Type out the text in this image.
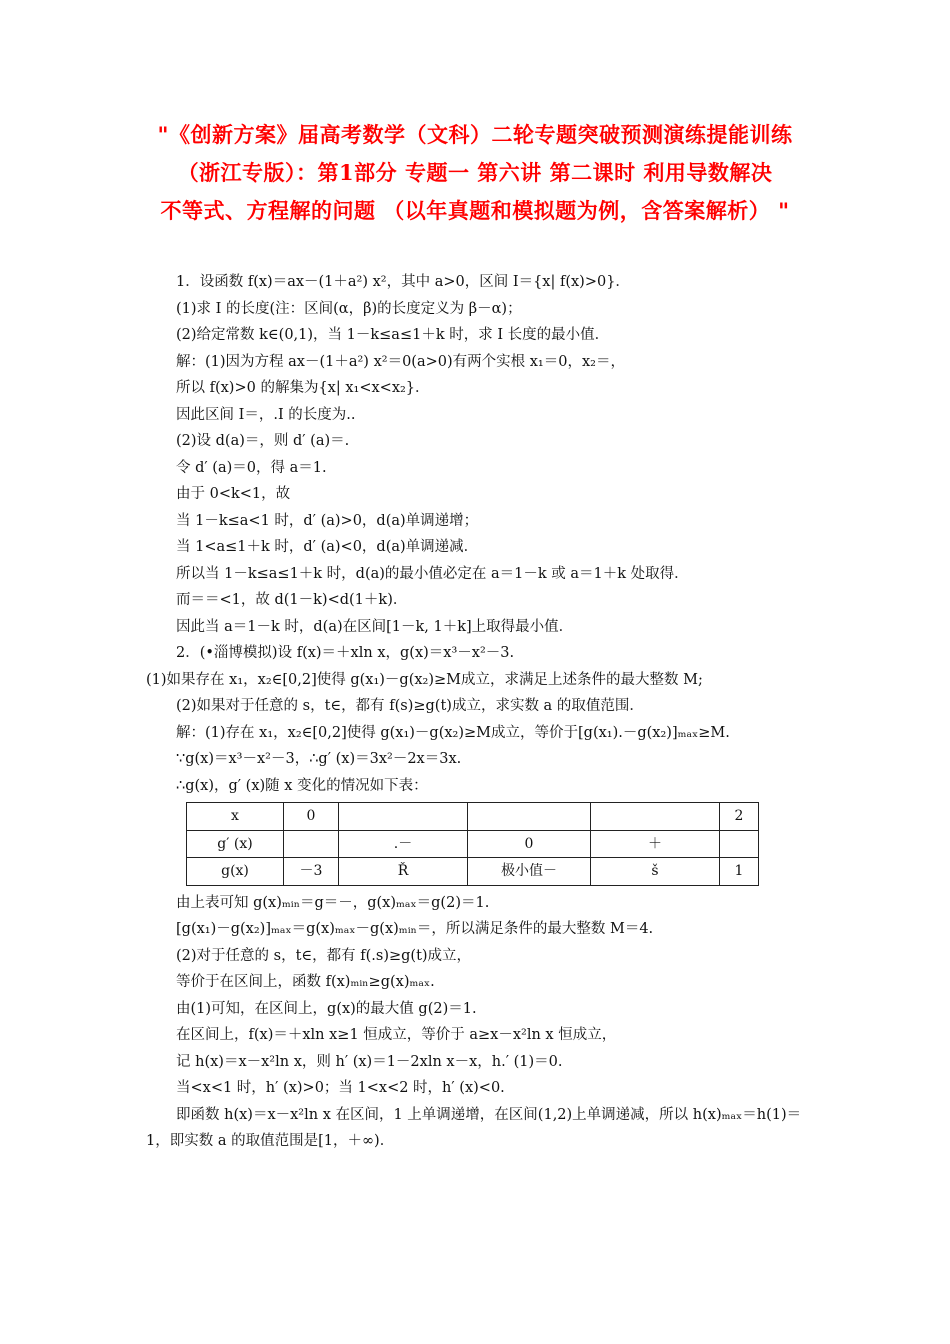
"《创新方案》届高考数学（文科）二轮专题突破预测演练提能训练
（浙江专版）：第1部分 专题一 第六讲 第二课时 利用导数解决
不等式、方程解的问题 （以年真题和模拟题为例，含答案解析） "
1．设函数 f(x)＝ax－(1＋a²) x²，其中 a>0，区间 I＝{x| f(x)>0}．
(1)求 I 的长度(注：区间(α，β)的长度定义为 β－α)；
(2)给定常数 k∈(0,1)，当 1－k≤a≤1＋k 时，求 I 长度的最小值．
解：(1)因为方程 ax－(1＋a²) x²＝0(a>0)有两个实根 x₁＝0，x₂＝，
所以 f(x)>0 的解集为{x| x₁<x<x₂}．
因此区间 I＝，.I 的长度为..
(2)设 d(a)＝，则 d′ (a)＝.
令 d′ (a)＝0，得 a＝1.
由于 0<k<1，故
当 1－k≤a<1 时，d′ (a)>0，d(a)单调递增；
当 1<a≤1＋k 时，d′ (a)<0，d(a)单调递减．
所以当 1－k≤a≤1＋k 时，d(a)的最小值必定在 a＝1－k 或 a＝1＋k 处取得．
而＝＝<1，故 d(1－k)<d(1＋k)．
因此当 a＝1－k 时，d(a)在区间[1－k, 1＋k]上取得最小值．
2．(•淄博模拟)设 f(x)＝＋xln x，g(x)＝x³－x²－3.
(1)如果存在 x₁，x₂∈[0,2]使得 g(x₁)－g(x₂)≥M成立，求满足上述条件的最大整数 M;
(2)如果对于任意的 s，t∈，都有 f(s)≥g(t)成立，求实数 a 的取值范围．
解：(1)存在 x₁，x₂∈[0,2]使得 g(x₁)－g(x₂)≥M成立，等价于[g(x₁).－g(x₂)]ₘₐₓ≥M.
∵g(x)＝x³－x²－3，∴g′ (x)＝3x²－2x＝3x.
∴g(x)，g′ (x)随 x 变化的情况如下表：
x	0				2
g′ (x)		.－	0	＋	
g(x)	－3	Ř	极小值－	š	1
由上表可知 g(x)ₘᵢₙ＝g＝－，g(x)ₘₐₓ＝g(2)＝1.
[g(x₁)－g(x₂)]ₘₐₓ＝g(x)ₘₐₓ－g(x)ₘᵢₙ＝，所以满足条件的最大整数 M＝4.
(2)对于任意的 s，t∈，都有 f(.s)≥g(t)成立，
等价于在区间上，函数 f(x)ₘᵢₙ≥g(x)ₘₐₓ.
由(1)可知，在区间上，g(x)的最大值 g(2)＝1.
在区间上，f(x)＝＋xln x≥1 恒成立，等价于 a≥x－x²ln x 恒成立，
记 h(x)＝x－x²ln x，则 h′ (x)＝1－2xln x－x，h.′ (1)＝0.
当<x<1 时，h′ (x)>0；当 1<x<2 时，h′ (x)<0.
即函数 h(x)＝x－x²ln x 在区间，1 上单调递增，在区间(1,2)上单调递减，所以 h(x)ₘₐₓ＝h(1)＝1，即实数 a 的取值范围是[1，＋∞)．
